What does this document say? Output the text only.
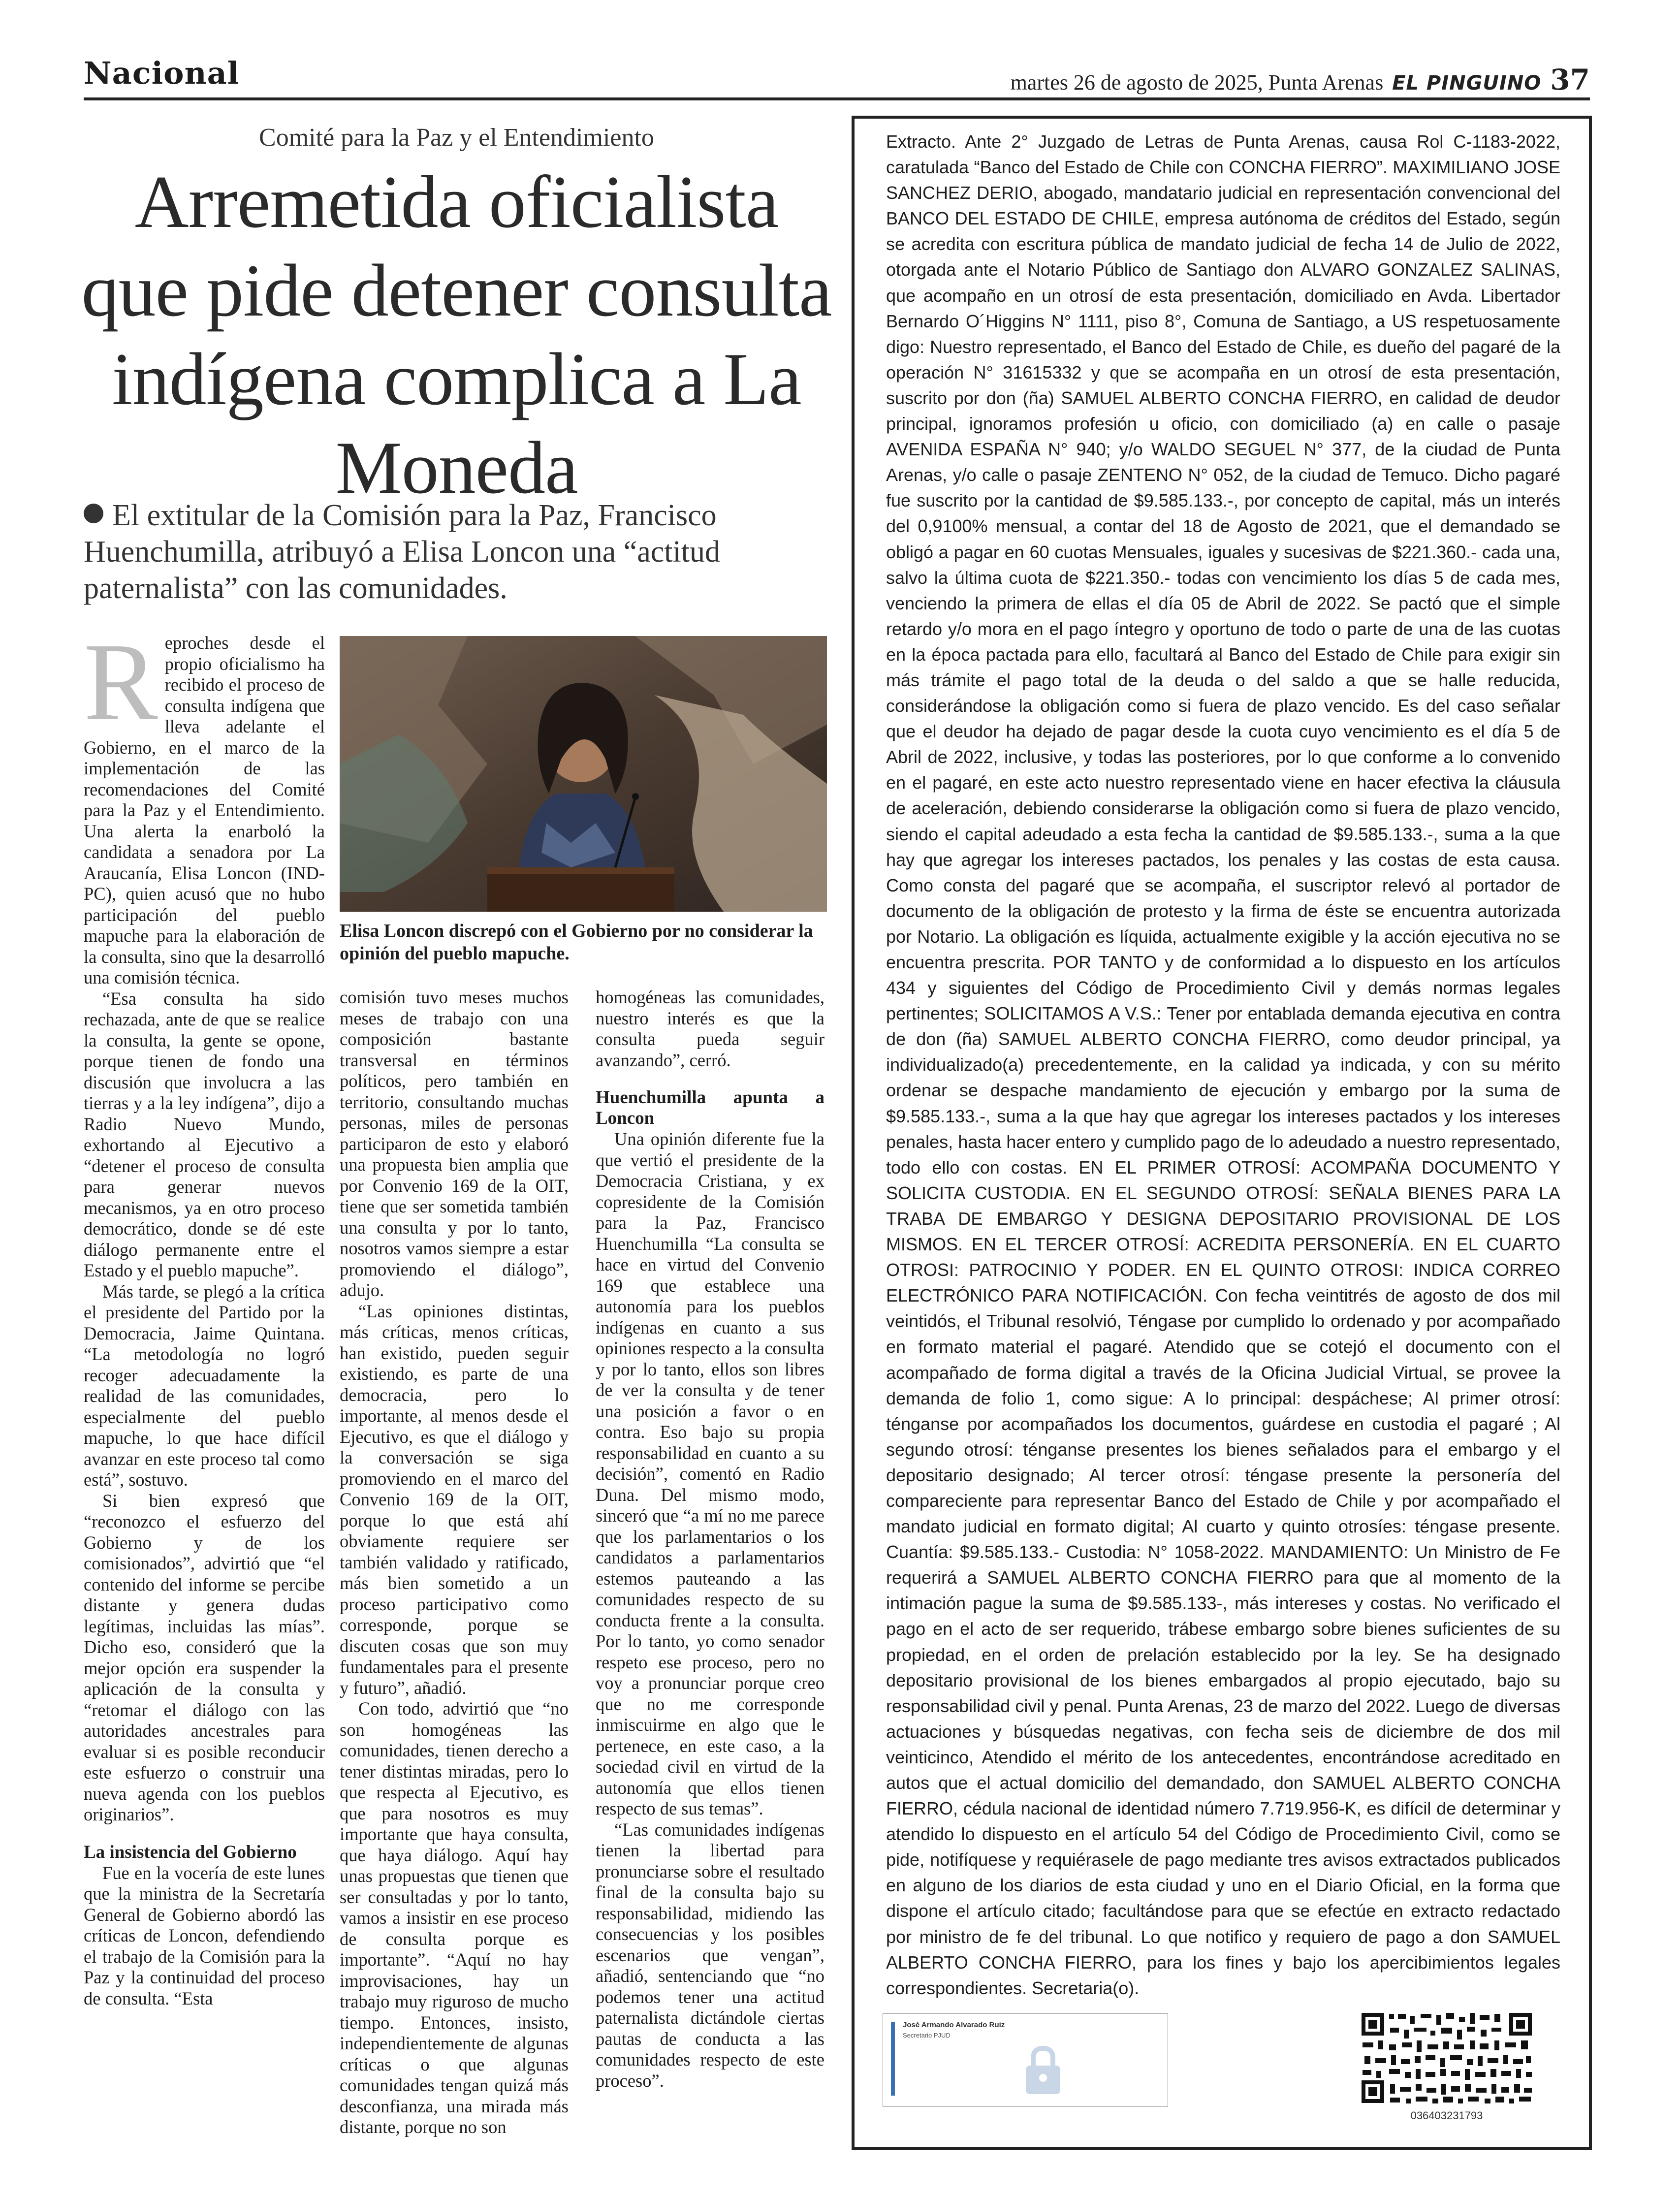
Nacional	martes 26 de agosto de 2025, Punta Arenas EL PINGUINO 37
Comité para la Paz y el Entendimiento
Arremetida oficialista que pide detener consulta indígena complica a La Moneda
El extitular de la Comisión para la Paz, Francisco Huenchumilla, atribuyó a Elisa Loncon una “actitud paternalista” con las comunidades.
R eproches desde el propio oficialismo ha recibido el proceso de consulta indígena que lleva adelante el Gobierno, en el marco de la implementación de las recomendaciones del Comité para la Paz y el Entendimiento. Una alerta la enarboló la candidata a senadora por La Araucanía, Elisa Loncon (IND-PC), quien acusó que no hubo participación del pueblo mapuche para la elaboración de la consulta, sino que la desarrolló una comisión técnica.

“Esa consulta ha sido rechazada, ante de que se realice la consulta, la gente se opone, porque tienen de fondo una discusión que involucra a las tierras y a la ley indígena”, dijo a Radio Nuevo Mundo, exhortando al Ejecutivo a “detener el proceso de consulta para generar nuevos mecanismos, ya en otro proceso democrático, donde se dé este diálogo permanente entre el Estado y el pueblo mapuche”.

Más tarde, se plegó a la crítica el presidente del Partido por la Democracia, Jaime Quintana. “La metodología no logró recoger adecuadamente la realidad de las comunidades, especialmente del pueblo mapuche, lo que hace difícil avanzar en este proceso tal como está”, sostuvo.

Si bien expresó que “reconozco el esfuerzo del Gobierno y de los comisionados”, advirtió que “el contenido del informe se percibe distante y genera dudas legítimas, incluidas las mías”. Dicho eso, consideró que la mejor opción era suspender la aplicación de la consulta y “retomar el diálogo con las autoridades ancestrales para evaluar si es posible reconducir este esfuerzo o construir una nueva agenda con los pueblos originarios”.

La insistencia del Gobierno

Fue en la vocería de este lunes que la ministra de la Secretaría General de Gobierno abordó las críticas de Loncon, defendiendo el trabajo de la Comisión para la Paz y la continuidad del proceso de consulta. “Esta

Elisa Loncon discrepó con el Gobierno por no considerar la opinión del pueblo mapuche.

comisión tuvo meses muchos meses de trabajo con una composición bastante transversal en términos políticos, pero también en territorio, consultando muchas personas, miles de personas participaron de esto y elaboró una propuesta bien amplia que por Convenio 169 de la OIT, tiene que ser sometida también una consulta y por lo tanto, nosotros vamos siempre a estar promoviendo el diálogo”, adujo.

“Las opiniones distintas, más críticas, menos críticas, han existido, pueden seguir existiendo, es parte de una democracia, pero lo importante, al menos desde el Ejecutivo, es que el diálogo y la conversación se siga promoviendo en el marco del Convenio 169 de la OIT, porque lo que está ahí obviamente requiere ser también validado y ratificado, más bien sometido a un proceso participativo como corresponde, porque se discuten cosas que son muy fundamentales para el presente y futuro”, añadió.

Con todo, advirtió que “no son homogéneas las comunidades, tienen derecho a tener distintas miradas, pero lo que respecta al Ejecutivo, es que para nosotros es muy importante que haya consulta, que haya diálogo. Aquí hay unas propuestas que tienen que ser consultadas y por lo tanto, vamos a insistir en ese proceso de consulta porque es importante”. “Aquí no hay improvisaciones, hay un trabajo muy riguroso de mucho tiempo. Entonces, insisto, independientemente de algunas críticas o que algunas comunidades tengan quizá más desconfianza, una mirada más distante, porque no son

homogéneas las comunidades, nuestro interés es que la consulta pueda seguir avanzando”, cerró.

Huenchumilla apunta a Loncon

Una opinión diferente fue la que vertió el presidente de la Democracia Cristiana, y ex copresidente de la Comisión para la Paz, Francisco Huenchumilla “La consulta se hace en virtud del Convenio 169 que establece una autonomía para los pueblos indígenas en cuanto a sus opiniones respecto a la consulta y por lo tanto, ellos son libres de ver la consulta y de tener una posición a favor o en contra. Eso bajo su propia responsabilidad en cuanto a su decisión”, comentó en Radio Duna. Del mismo modo, sinceró que “a mí no me parece que los parlamentarios o los candidatos a parlamentarios estemos pauteando a las comunidades respecto de su conducta frente a la consulta. Por lo tanto, yo como senador respeto ese proceso, pero no voy a pronunciar porque creo que no me corresponde inmiscuirme en algo que le pertenece, en este caso, a la sociedad civil en virtud de la autonomía que ellos tienen respecto de sus temas”.

“Las comunidades indígenas tienen la libertad para pronunciarse sobre el resultado final de la consulta bajo su responsabilidad, midiendo las consecuencias y los posibles escenarios que vengan”, añadió, sentenciando que “no podemos tener una actitud paternalista dictándole ciertas pautas de conducta a las comunidades respecto de este proceso”.

Extracto. Ante 2° Juzgado de Letras de Punta Arenas, causa Rol C-1183-2022, caratulada “Banco del Estado de Chile con CONCHA FIERRO”. MAXIMILIANO JOSE SANCHEZ DERIO, abogado, mandatario judicial en representación convencional del BANCO DEL ESTADO DE CHILE, empresa autónoma de créditos del Estado, según se acredita con escritura pública de mandato judicial de fecha 14 de Julio de 2022, otorgada ante el Notario Público de Santiago don ALVARO GONZALEZ SALINAS, que acompaño en un otrosí de esta presentación, domiciliado en Avda. Libertador Bernardo O´Higgins N° 1111, piso 8°, Comuna de Santiago, a US respetuosamente digo: Nuestro representado, el Banco del Estado de Chile, es dueño del pagaré de la operación N° 31615332 y que se acompaña en un otrosí de esta presentación, suscrito por don (ña) SAMUEL ALBERTO CONCHA FIERRO, en calidad de deudor principal, ignoramos profesión u oficio, con domiciliado (a) en calle o pasaje AVENIDA ESPAÑA N° 940; y/o WALDO SEGUEL N° 377, de la ciudad de Punta Arenas, y/o calle o pasaje ZENTENO N° 052, de la ciudad de Temuco. Dicho pagaré fue suscrito por la cantidad de $9.585.133.-, por concepto de capital, más un interés del 0,9100% mensual, a contar del 18 de Agosto de 2021, que el demandado se obligó a pagar en 60 cuotas Mensuales, iguales y sucesivas de $221.360.- cada una, salvo la última cuota de $221.350.- todas con vencimiento los días 5 de cada mes, venciendo la primera de ellas el día 05 de Abril de 2022. Se pactó que el simple retardo y/o mora en el pago íntegro y oportuno de todo o parte de una de las cuotas en la época pactada para ello, facultará al Banco del Estado de Chile para exigir sin más trámite el pago total de la deuda o del saldo a que se halle reducida, considerándose la obligación como si fuera de plazo vencido. Es del caso señalar que el deudor ha dejado de pagar desde la cuota cuyo vencimiento es el día 5 de Abril de 2022, inclusive, y todas las posteriores, por lo que conforme a lo convenido en el pagaré, en este acto nuestro representado viene en hacer efectiva la cláusula de aceleración, debiendo considerarse la obligación como si fuera de plazo vencido, siendo el capital adeudado a esta fecha la cantidad de $9.585.133.-, suma a la que hay que agregar los intereses pactados, los penales y las costas de esta causa. Como consta del pagaré que se acompaña, el suscriptor relevó al portador de documento de la obligación de protesto y la firma de éste se encuentra autorizada por Notario. La obligación es líquida, actualmente exigible y la acción ejecutiva no se encuentra prescrita. POR TANTO y de conformidad a lo dispuesto en los artículos 434 y siguientes del Código de Procedimiento Civil y demás normas legales pertinentes; SOLICITAMOS A V.S.: Tener por entablada demanda ejecutiva en contra de don (ña) SAMUEL ALBERTO CONCHA FIERRO, como deudor principal, ya individualizado(a) precedentemente, en la calidad ya indicada, y con su mérito ordenar se despache mandamiento de ejecución y embargo por la suma de $9.585.133.-, suma a la que hay que agregar los intereses pactados y los intereses penales, hasta hacer entero y cumplido pago de lo adeudado a nuestro representado, todo ello con costas. EN EL PRIMER OTROSÍ: ACOMPAÑA DOCUMENTO Y SOLICITA CUSTODIA. EN EL SEGUNDO OTROSÍ: SEÑALA BIENES PARA LA TRABA DE EMBARGO Y DESIGNA DEPOSITARIO PROVISIONAL DE LOS MISMOS. EN EL TERCER OTROSÍ: ACREDITA PERSONERÍA. EN EL CUARTO OTROSI: PATROCINIO Y PODER. EN EL QUINTO OTROSI: INDICA CORREO ELECTRÓNICO PARA NOTIFICACIÓN. Con fecha veintitrés de agosto de dos mil veintidós, el Tribunal resolvió, Téngase por cumplido lo ordenado y por acompañado en formato material el pagaré. Atendido que se cotejó el documento con el acompañado de forma digital a través de la Oficina Judicial Virtual, se provee la demanda de folio 1, como sigue: A lo principal: despáchese; Al primer otrosí: ténganse por acompañados los documentos, guárdese en custodia el pagaré ; Al segundo otrosí: ténganse presentes los bienes señalados para el embargo y el depositario designado; Al tercer otrosí: téngase presente la personería del compareciente para representar Banco del Estado de Chile y por acompañado el mandato judicial en formato digital; Al cuarto y quinto otrosíes: téngase presente. Cuantía: $9.585.133.- Custodia: N° 1058-2022. MANDAMIENTO: Un Ministro de Fe requerirá a SAMUEL ALBERTO CONCHA FIERRO para que al momento de la intimación pague la suma de $9.585.133-, más intereses y costas. No verificado el pago en el acto de ser requerido, trábese embargo sobre bienes suficientes de su propiedad, en el orden de prelación establecido por la ley. Se ha designado depositario provisional de los bienes embargados al propio ejecutado, bajo su responsabilidad civil y penal. Punta Arenas, 23 de marzo del 2022. Luego de diversas actuaciones y búsquedas negativas, con fecha seis de diciembre de dos mil veinticinco, Atendido el mérito de los antecedentes, encontrándose acreditado en autos que el actual domicilio del demandado, don SAMUEL ALBERTO CONCHA FIERRO, cédula nacional de identidad número 7.719.956-K, es difícil de determinar y atendido lo dispuesto en el artículo 54 del Código de Procedimiento Civil, como se pide, notifíquese y requiérasele de pago mediante tres avisos extractados publicados en alguno de los diarios de esta ciudad y uno en el Diario Oficial, en la forma que dispone el artículo citado; facultándose para que se efectúe en extracto redactado por ministro de fe del tribunal. Lo que notifico y requiero de pago a don SAMUEL ALBERTO CONCHA FIERRO, para los fines y bajo los apercibimientos legales correspondientes. Secretaria(o).

José Armando Alvarado Ruiz
Secretario PJUD
036403231793
